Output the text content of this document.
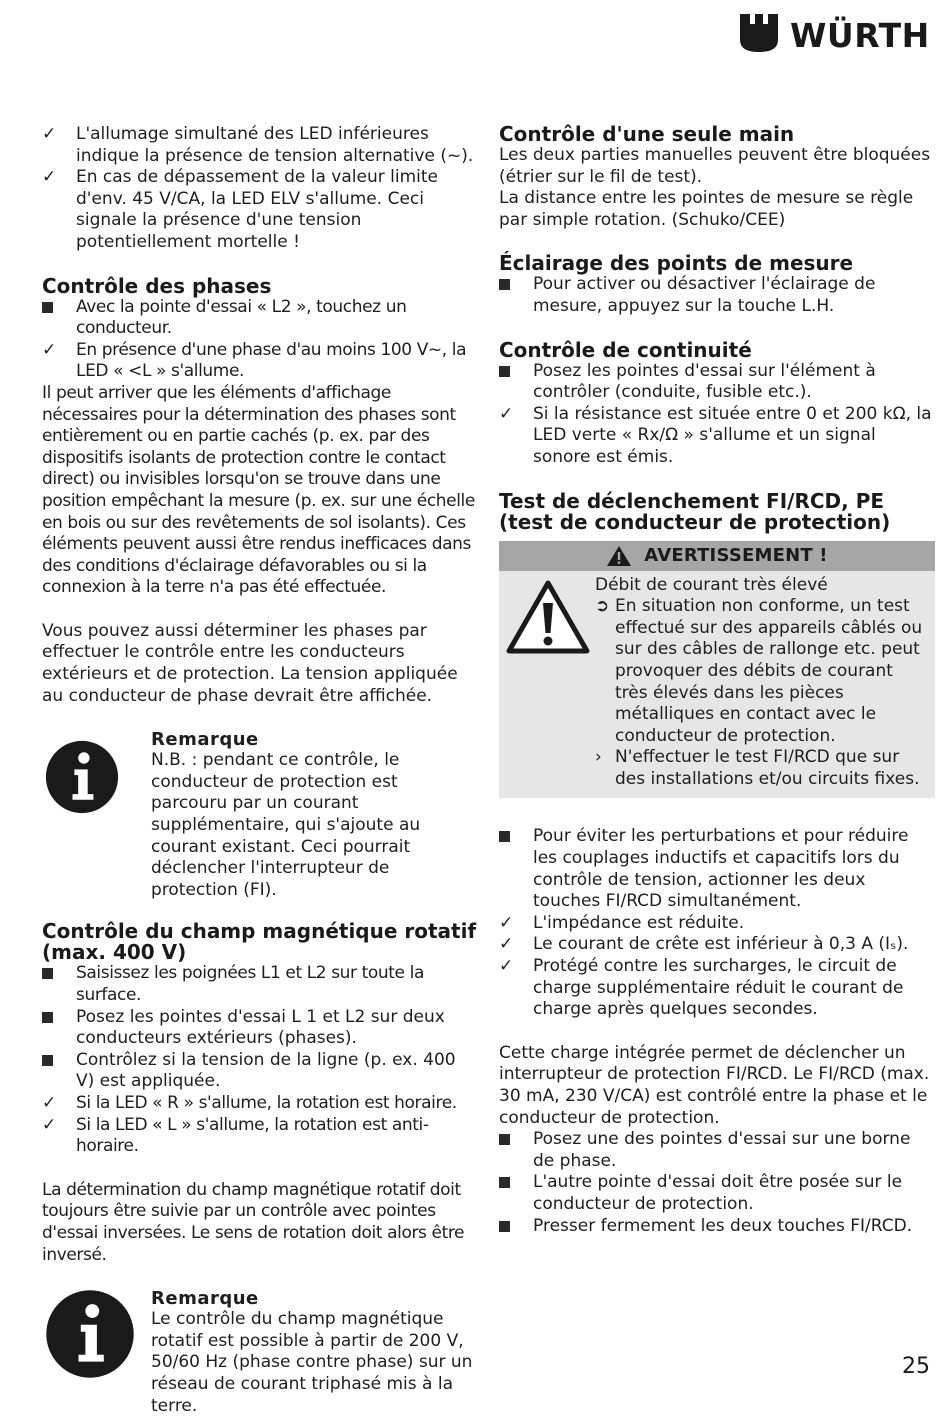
WÜRTH
✓	L'allumage simultané des LED inférieures indique la présence de tension alternative (~).
✓	En cas de dépassement de la valeur limite d'env. 45 V/CA, la LED ELV s'allume. Ceci signale la présence d'une tension potentiellement mortelle !
Contrôle des phases
Avec la pointe d'essai « L2 », touchez un conducteur.
✓	En présence d'une phase d'au moins 100 V~, la LED « <L » s'allume.

Il peut arriver que les éléments d'affichage nécessaires pour la détermination des phases sont entièrement ou en partie cachés (p. ex. par des dispositifs isolants de protection contre le contact direct) ou invisibles lorsqu'on se trouve dans une position empêchant la mesure (p. ex. sur une échelle en bois ou sur des revêtements de sol isolants). Ces éléments peuvent aussi être rendus inefficaces dans des conditions d'éclairage défavorables ou si la connexion à la terre n'a pas été effectuée.

Vous pouvez aussi déterminer les phases par effectuer le contrôle entre les conducteurs extérieurs et de protection. La tension appliquée au conducteur de phase devrait être affichée.

Remarque

N.B. : pendant ce contrôle, le conducteur de protection est parcouru par un courant supplémentaire, qui s'ajoute au courant existant. Ceci pourrait déclencher l'interrupteur de protection (FI).

Contrôle du champ magnétique rotatif (max. 400 V)
Saisissez les poignées L1 et L2 sur toute la surface.
Posez les pointes d'essai L 1 et L2 sur deux conducteurs extérieurs (phases).
Contrôlez si la tension de la ligne (p. ex. 400 V) est appliquée.
✓	Si la LED « R » s'allume, la rotation est horaire.
✓	Si la LED « L » s'allume, la rotation est anti-horaire.

La détermination du champ magnétique rotatif doit toujours être suivie par un contrôle avec pointes d'essai inversées. Le sens de rotation doit alors être inversé.

Remarque

Le contrôle du champ magnétique rotatif est possible à partir de 200 V, 50/60 Hz (phase contre phase) sur un réseau de courant triphasé mis à la terre.

Contrôle d'une seule main

Les deux parties manuelles peuvent être bloquées (étrier sur le fil de test).

La distance entre les pointes de mesure se règle par simple rotation. (Schuko/CEE)

Éclairage des points de mesure
Pour activer ou désactiver l'éclairage de mesure, appuyez sur la touche L.H.
Contrôle de continuité
Posez les pointes d'essai sur l'élément à contrôler (conduite, fusible etc.).
✓	Si la résistance est située entre 0 et 200 kΩ, la LED verte « Rx/Ω » s'allume et un signal sonore est émis.
Test de déclenchement FI/RCD, PE (test de conducteur de protection)
AVERTISSEMENT !

Débit de courant très élevé

➲ En situation non conforme, un test effectué sur des appareils câblés ou sur des câbles de rallonge etc. peut provoquer des débits de courant très élevés dans les pièces métalliques en contact avec le conducteur de protection.
› N'effectuer le test FI/RCD que sur des installations et/ou circuits fixes.
Pour éviter les perturbations et pour réduire les couplages inductifs et capacitifs lors du contrôle de tension, actionner les deux touches FI/RCD simultanément.
✓	L'impédance est réduite.
✓	Le courant de crête est inférieur à 0,3 A (Iₛ).
✓	Protégé contre les surcharges, le circuit de charge supplémentaire réduit le courant de charge après quelques secondes.

Cette charge intégrée permet de déclencher un interrupteur de protection FI/RCD. Le FI/RCD (max. 30 mA, 230 V/CA) est contrôlé entre la phase et le conducteur de protection.

Posez une des pointes d'essai sur une borne de phase.
L'autre pointe d'essai doit être posée sur le conducteur de protection.
Presser fermement les deux touches FI/RCD.
25
